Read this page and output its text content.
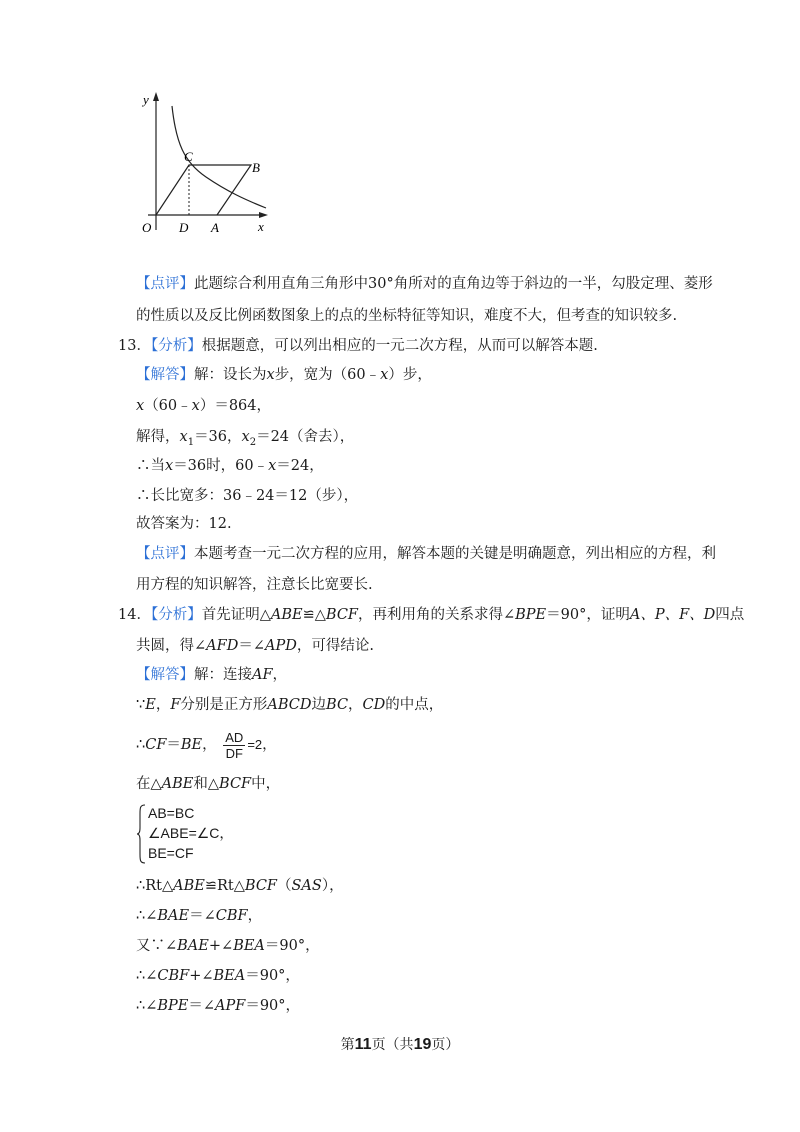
y
x
O D A
C
B
【点评】此题综合利用直角三角形中30°角所对的直角边等于斜边的一半，勾股定理、菱形
的性质以及反比例函数图象上的点的坐标特征等知识，难度不大，但考查的知识较多.
13．【分析】根据题意，可以列出相应的一元二次方程，从而可以解答本题.
【解答】解：设长为x步，宽为（60﹣x）步，
x（60﹣x）＝864，
解得，$x_1=36$，$x_2=24$（舍去），
∴当x＝36时，60﹣x＝24，
∴长比宽多：36﹣24＝12（步），
故答案为：12.
【点评】本题考查一元二次方程的应用，解答本题的关键是明确题意，列出相应的方程，利
用方程的知识解答，注意长比宽要长.
14．【分析】首先证明△ABE≌△BCF，再利用角的关系求得∠BPE＝90°，证明A、P、F、D四点
共圆，得∠AFD＝∠APD，可得结论.
【解答】解：连接AF，
∵E，F分别是正方形ABCD边BC，CD的中点，
∴CF＝BE， $\frac{AD}{DF} =2$，
在△ABE和△BCF中，
AB=BC
∠ABE=∠C，
BE=CF
∴Rt△ABE≌Rt△BCF（SAS），
∴∠BAE＝∠CBF，
又∵∠BAE+∠BEA＝90°，
∴∠CBF+∠BEA＝90°，
∴∠BPE＝∠APF＝90°，
第11页（共19页）
